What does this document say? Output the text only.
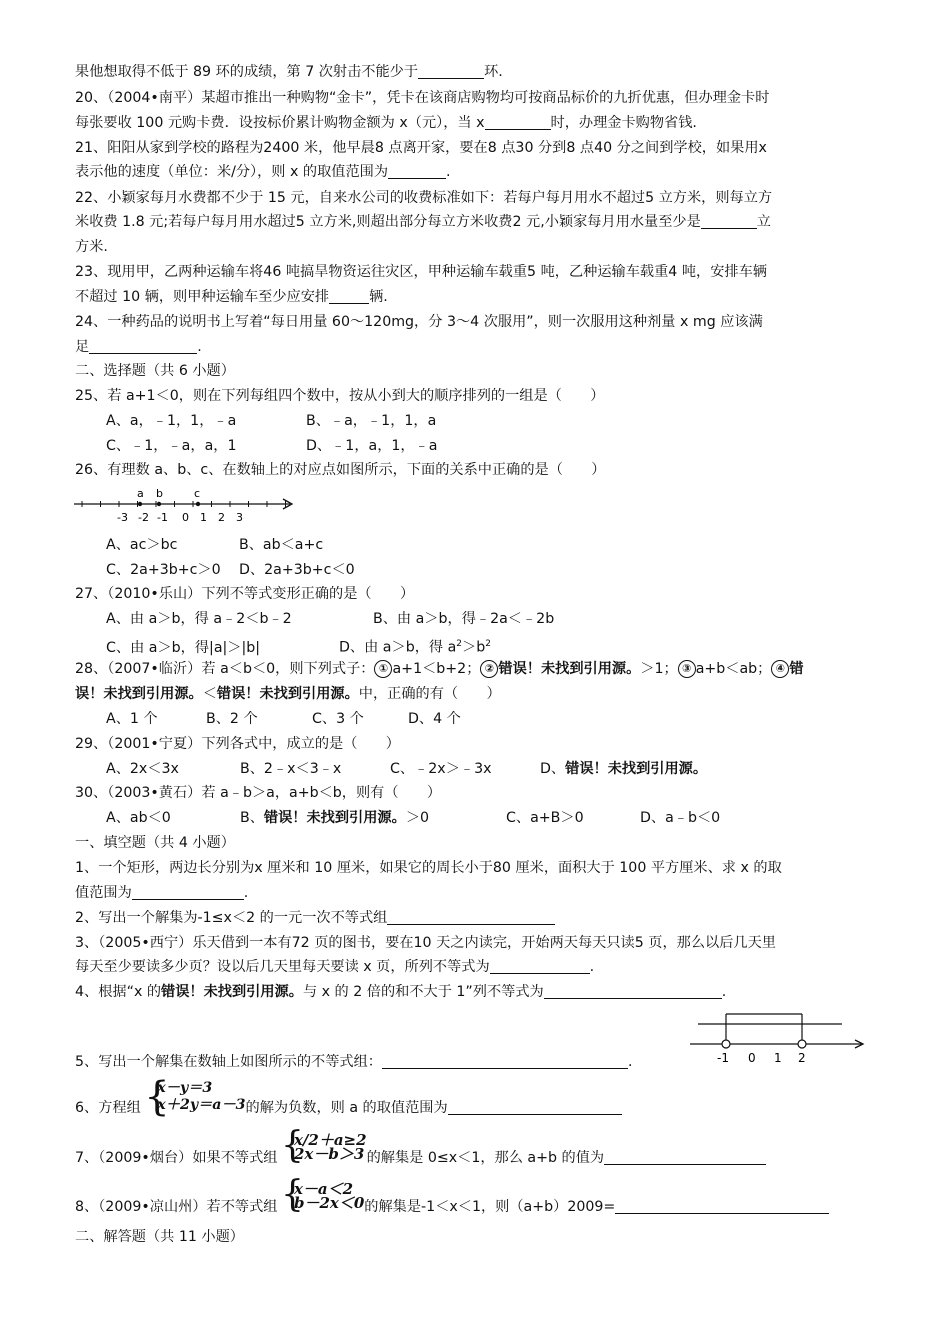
果他想取得不低于 89 环的成绩，第 7 次射击不能少于	环.
20、（2004•南平）某超市推出一种购物“金卡”，凭卡在该商店购物均可按商品标价的九折优惠，但办理金卡时
每张要收 100 元购卡费．设按标价累计购物金额为 x（元），当 x	时，办理金卡购物省钱.
21、阳阳从家到学校的路程为2400 米，他早晨8 点离开家，要在8 点30 分到8 点40 分之间到学校，如果用x
表示他的速度（单位：米/分），则 x 的取值范围为	.
22、小颖家每月水费都不少于 15 元，自来水公司的收费标准如下：若每户每月用水不超过5 立方米，则每立方
米收费 1.8 元;若每户每月用水超过5 立方米,则超出部分每立方米收费2 元,小颖家每月用水量至少是	立
方米.
23、现用甲，乙两种运输车将46 吨搞旱物资运往灾区，甲种运输车载重5 吨，乙种运输车载重4 吨，安排车辆
不超过 10 辆，则甲种运输车至少应安排	辆.
24、一种药品的说明书上写着“每日用量 60～120mg，分 3～4 次服用”，则一次服用这种剂量 x mg 应该满
足	.
二、选择题（共 6 小题）
25、若 a+1＜0，则在下列每组四个数中，按从小到大的顺序排列的一组是（　　）
A、a，﹣1，1，﹣a	B、﹣a，﹣1，1，a
C、﹣1，﹣a，a，1	D、﹣1，a，1，﹣a
26、有理数 a、b、c、在数轴上的对应点如图所示，下面的关系中正确的是（　　）
a b	c
-3 -2 -1 0 1 2 3
A、ac＞bc	B、ab＜a+c
C、2a+3b+c＞0 D、2a+3b+c＜0
27、（2010•乐山）下列不等式变形正确的是（　　）
A、由 a＞b，得 a﹣2＜b﹣2	B、由 a＞b，得﹣2a＜﹣2b
C、由 a＞b，得|a|＞|b|	D、由 a＞b，得 $a^2>b^2$
28、（2007•临沂）若 a＜b＜0，则下列式子： ① a+1＜b+2； ② 错误！未找到引用源。＞1； ③ a+b＜ab； ④ 错
误！未找到引用源。＜错误！未找到引用源。中，正确的有（　　）
A、1 个	B、2 个	C、3 个	D、4 个
29、（2001•宁夏）下列各式中，成立的是（　　）
A、2x＜3x	B、2﹣x＜3﹣x	C、﹣2x＞﹣3x	D、错误！未找到引用源。
30、（2003•黄石）若 a﹣b＞a，a+b＜b，则有（　　）
A、ab＜0	B、错误！未找到引用源。＞0	C、a+B＞0	D、a﹣b＜0
一、填空题（共 4 小题）
1、一个矩形，两边长分别为x 厘米和 10 厘米，如果它的周长小于80 厘米，面积大于 100 平方厘米、求 x 的取
值范围为	.
2、写出一个解集为-1≤x＜2 的一元一次不等式组
3、（2005•西宁）乐天借到一本有72 页的图书，要在10 天之内读完，开始两天每天只读5 页，那么以后几天里
每天至少要读多少页？设以后几天里每天要读 x 页，所列不等式为	.
4、根据“x 的错误！未找到引用源。与 x 的 2 倍的和不大于 1”列不等式为	.
-1 0 1 2
5、写出一个解集在数轴上如图所示的不等式组：	.
6、方程组 {
x－y＝3
x＋2y＝a－3 的解为负数，则 a 的取值范围为
7、（2009•烟台）如果不等式组 {
x/2＋a≥2
2x－b＞3 的解集是 0≤x＜1，那么 a+b 的值为
8、（2009•凉山州）若不等式组 {
x－a＜2
b－2x＜0 的解集是-1＜x＜1，则（a+b）2009=
二、解答题（共 11 小题）
